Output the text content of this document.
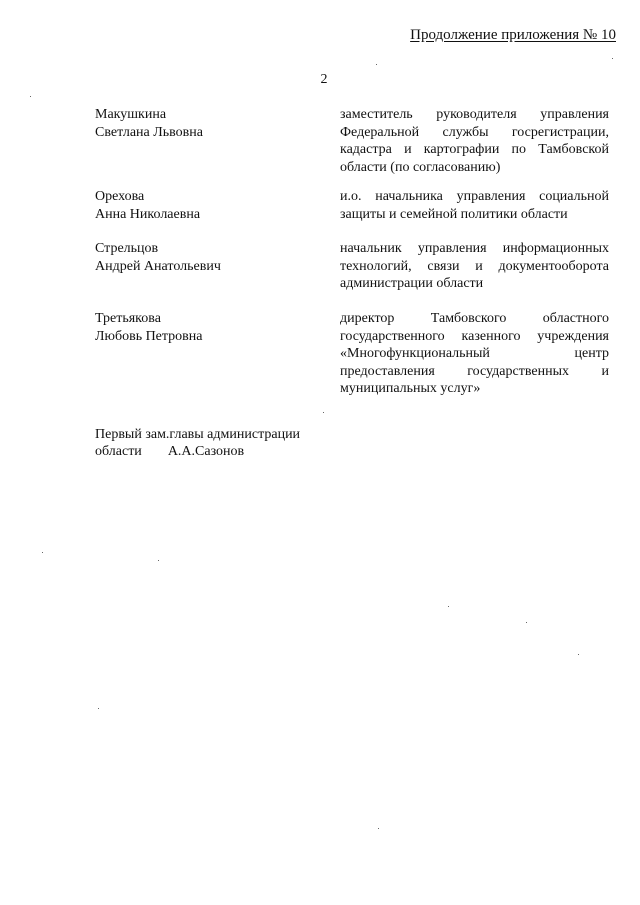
Продолжение приложения № 10
2
Макушкина
Светлана Львовна
заместитель руководителя управления Федеральной службы госрегистрации, кадастра и картографии по Тамбовской области (по согласованию)
Орехова
Анна Николаевна
и.о. начальника управления социальной защиты и семейной политики области
Стрельцов
Андрей Анатольевич
начальник управления информационных технологий, связи и документооборота администрации области
Третьякова
Любовь Петровна
директор Тамбовского областного государственного казенного учреждения «Многофункциональный центр предоставления государственных и муниципальных услуг»
Первый зам.главы администрации
области А.А.Сазонов
